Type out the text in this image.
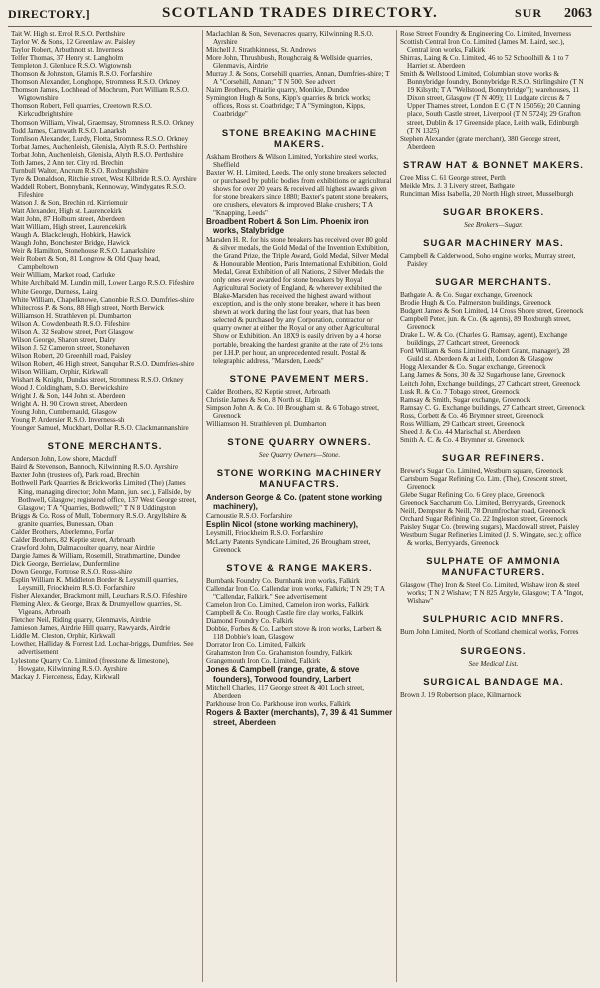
DIRECTORY.]	SCOTLAND TRADES DIRECTORY.	SUR 2063
Tait W. High st. Errol R.S.O. Perthshire
Taylor W. & Sons, 12 Greenlaw av. Paisley
Taylor Robert, Arbuthnott st. Inverness
Telfer Thomas, 37 Henry st. Langholm
Templeton J. Glenluce R.S.O. Wigtownsh
Thomson & Johnston, Glamis R.S.O. Forfarshire
Thomson Alexander, Longhope, Stromness R.S.O. Orkney
Thomson James, Lochhead of Mochrum, Port William R.S.O. Wigtownshire
Thomson Robert, Fell quarries, Creetown R.S.O. Kirkcudbrightshire
Thomson William, Viwal, Graemsay, Stromness R.S.O. Orkney
Todd James, Carnwath R.S.O. Lanarksh
Tomlison Alexander, Lurdy, Flotta, Stromness R.S.O. Orkney
Torbat James, Auchenleish, Glenisla, Alyth R.S.O. Perthshire
Torbat John, Auchenleish, Glenisla, Alyth R.S.O. Perthshire
Toth James, 2 Ann ter. City rd. Brechin
Turnbull Walter, Ancrum R.S.O. Roxburghshire
Tyre & Donaldson, Ritchie street, West Kilbride R.S.O. Ayrshire
Waddell Robert, Bonnybank, Kennoway, Windygates R.S.O. Fifeshire
Watson J. & Son, Brechin rd. Kirriemuir
Watt Alexander, High st. Laurencekirk
Watt John, 87 Holburn street, Aberdeen
Watt William, High street, Laurencekirk
Waugh A. Blackcleugh, Hobkirk, Hawick
Waugh John, Bonchester Bridge, Hawick
Weir & Hamilton, Stonehouse R.S.O. Lanarkshire
Weir Robert & Son, 81 Longrow & Old Quay head, Campbeltown
Weir William, Market road, Carluke
White Archibald M. Lundin mill, Lower Largo R.S.O. Fifeshire
White George, Durness, Lairg
White William, Chapelknowe, Canonbie R.S.O. Dumfries-shire
Whitecross P. & Sons, 88 High street, North Berwick
Williamson H. Strathleven pl. Dumbarton
Wilson A. Cowdenbeath R.S.O. Fifeshire
Wilson A. 32 Seabow street, Port Glasgow
Wilson George, Sharon street, Dalry
Wilson J. 52 Cameron street, Stonehaven
Wilson Robert, 20 Greenhill road, Paisley
Wilson Robert, 46 High street, Sanquhar R.S.O. Dumfries-shire
Wilson William, Orphir, Kirkwall
Wishart & Knight, Dundas street, Stromness R.S.O. Orkney
Wood J. Coldingham, S.O. Berwickshire
Wright J. & Son, 144 John st. Aberdeen
Wright A. H. 90 Crown street, Aberdeen
Young John, Cumbernauld, Glasgow
Young P. Ardersier R.S.O. Inverness-sh
Younger Samuel, Muckhart, Dollar R.S.O. Clackmannanshire
STONE MERCHANTS.
Anderson John, Low shore, Macduff
Baird & Stevenson, Bannoch, Kilwinning R.S.O. Ayrshire
Baxter John (trustees of), Park road, Brechin
Bothwell Park Quarries & Brickworks Limited (The) (James King, managing director; John Mann, jun. sec.), Fallside, by Bothwell, Glasgow; registered office, 137 West George street, Glasgow; T A "Quarries, Bothwell;" T N 8 Uddingston
Briggs & Co. Ross of Mull, Tobermory R.S.O. Argyllshire & granite quarries, Bunessan, Oban
Calder Brothers, Aberlemno, Forfar
Calder Brothers, 82 Keptie street, Arbroath
Crawford John, Dalmacoulter quarry, near Airdrie
Dargie James & William, Rosemill, Strathmartine, Dundee
Dick George, Berrielaw, Dunfermline
Down George, Fortrose R.S.O. Ross-shire
Esplin William K. Middleton Border & Leysmill quarries, Leysmill, Friockheim R.S.O. Forfarshire
Fisher Alexander, Brackmont mill, Leuchars R.S.O. Fifeshire
Fleming Alex. & George, Brax & Drumyellow quarries, St. Vigeans, Arbroath
Fletcher Neil, Riding quarry, Glenmavis, Airdrie
Jamieson James, Airdrie Hill quarry, Rawyards, Airdrie
Liddle M. Cleston, Orphir, Kirkwall
Lowther, Halliday & Forrest Ltd. Lochar-briggs, Dumfries. See advertisement
Lylestone Quarry Co. Limited (freestone & limestone), Howgate, Kilwinning R.S.O. Ayrshire
Mackay J. Fierceness, Eday, Kirkwall
Maclachlan & Son, Sevenacres quarry, Kilwinning R.S.O. Ayrshire
Mitchell J. Strathkinness, St. Andrews
More John, Thrushbush, Roughcraig & Wellside quarries, Glenmavis, Airdrie
Murray J. & Sons, Corsehill quarries, Annan, Dumfries-shire; T A "Corsehill, Annan;" T N 500. See advert
Nairn Brothers, Pitairlie quarry, Monikie, Dundee
Symington Hugh & Sons, Kipp's quarries & brick works; offices, Ross st. Coatbridge; T A "Symington, Kipps, Coatbridge"
STONE BREAKING MACHINE MAKERS.
Askham Brothers & Wilson Limited, Yorkshire steel works, Sheffield
Baxter W. H. Limited, Leeds. The only stone breakers selected or purchased by public bodies from exhibitions or agricultural shows for over 20 years & received all highest awards given for stone breakers since 1880; Baxter's patent stone breakers, ore crushers, elevators & improved Blake crushers; T A "Knapping, Leeds"
Broadbent Robert & Son Lim. Phoenix iron works, Stalybridge
Marsden H. R. for his stone breakers has received over 80 gold & silver medals, the Gold Medal of the Invention Exhibition, the Grand Prize, the Triple Award, Gold Medal, Silver Medal & Honourable Mention, Paris International Exhibition, Gold Medal, Great Exhibition of all Nations, 2 Silver Medals the only ones ever awarded for stone breakers by Royal Agricultural Society of England, & wherever exhibited the Blake-Marsden has received the highest award without exception, and is the only stone breaker, where it has been shewn at work during the last four years, that has been selected & purchased by any Corporation, contractor or quarry owner at either the Royal or any other Agricultural Show or Exhibition. An 18X9 is easily driven by a 4 horse portable, breaking the hardest granite at the rate of 2½ tons per I.H.P. per hour, an unprecedented result. Postal & telegraphic address, "Marsden, Leeds"
STONE PAVEMENT MERS.
Calder Brothers, 82 Keptie street, Arbroath
Christie James & Son, 8 North st. Elgin
Simpson John A. & Co. 10 Brougham st. & 6 Tobago street, Greenock
Williamson H. Strathleven pl. Dumbarton
STONE QUARRY OWNERS.
See Quarry Owners—Stone.
STONE WORKING MACHINERY MANUFACTRS.
Anderson George & Co. (patent stone working machinery),
Carnoustie R.S.O. Forfarshire
Esplin Nicol (stone working machinery),
Leysmill, Friockheim R.S.O. Forfarshire
McLarty Patents Syndicate Limited, 26 Brougham street, Greenock
STOVE & RANGE MAKERS.
Burnbank Foundry Co. Burnbank iron works, Falkirk
Callendar Iron Co. Callendar iron works, Falkirk; T N 29; T A "Callendar, Falkirk." See advertisement
Camelon Iron Co. Limited, Camelon iron works, Falkirk
Campbell & Co. Rough Castle fire clay works, Falkirk
Diamond Foundry Co. Falkirk
Dobbie, Forbes & Co. Larbert stove & iron works, Larbert & 118 Dobbie's loan, Glasgow
Dorrator Iron Co. Limited, Falkirk
Grahamston Iron Co. Grahamston foundry, Falkirk
Grangemouth Iron Co. Limited, Falkirk
Jones & Campbell (range, grate, & stove founders), Torwood foundry, Larbert
Mitchell Charles, 117 George street & 401 Loch street, Aberdeen
Parkhouse Iron Co. Parkhouse iron works, Falkirk
Rogers & Baxter (merchants), 7, 39 & 41 Summer street, Aberdeen
Rose Street Foundry & Engineering Co. Limited, Inverness
Scottish Central Iron Co. Limited (James M. Laird, sec.), Central iron works, Falkirk
Shirras, Laing & Co. Limited, 46 to 52 Schoolhill & 1 to 7 Harriet st. Aberdeen
Smith & Wellstood Limited, Columbian stove works & Bonnybridge foundry, Bonnybridge R.S.O. Stirlingshire (T N 19 Kilsyth; T A "Wellstood, Bonnybridge"); warehouses, 11 Dixon street, Glasgow (T N 409); 11 Ludgate circus & 7 Upper Thames street, London E C (T N 15056); 20 Canning place, South Castle street, Liverpool (T N 5724); 29 Grafton street, Dublin & 17 Greenside place, Leith walk, Edinburgh (T N 1325)
Stephen Alexander (grate merchant), 380 George street, Aberdeen
STRAW HAT & BONNET MAKERS.
Cree Miss C. 61 George street, Perth
Meikle Mrs. J. 3 Livery street, Bathgate
Runciman Miss Isabella, 20 North High street, Musselburgh
SUGAR BROKERS.
See Brokers—Sugar.
SUGAR MACHINERY MAS.
Campbell & Calderwood, Soho engine works, Murray street, Paisley
SUGAR MERCHANTS.
Bathgate A. & Co. Sugar exchange, Greenock
Brodie Hugh & Co. Palmerston buildings, Greenock
Budgett James & Son Limited, 14 Cross Shore street, Greenock
Campbell Peter, jun. & Co. (& agents), 89 Roxburgh street, Greenock
Drake L. W. & Co. (Charles G. Ramsay, agent), Exchange buildings, 27 Cathcart street, Greenock
Ford William & Sons Limited (Robert Grant, manager), 28 Guild st. Aberdeen & at Leith, London & Glasgow
Hogg Alexander & Co. Sugar exchange, Greenock
Lang James & Sons, 30 & 32 Sugarhouse lane, Greenock
Leitch John, Exchange buildings, 27 Cathcart street, Greenock
Lusk R. & Co. 7 Tobago street, Greenock
Ramsay & Smith, Sugar exchange, Greenock
Ramsay C. G. Exchange buildings, 27 Cathcart street, Greenock
Ross, Corbett & Co. 46 Brymner street, Greenock
Ross William, 29 Cathcart street, Greenock
Sheed J. & Co. 44 Marischal st. Aberdeen
Smith A. C. & Co. 4 Brymner st. Greenock
SUGAR REFINERS.
Brewer's Sugar Co. Limited, Westburn square, Greenock
Cartsburn Sugar Refining Co. Lim. (The), Crescent street, Greenock
Glebe Sugar Refining Co. 6 Grey place, Greenock
Greenock Saccharum Co. Limited, Berryyards, Greenock
Neill, Dempster & Neill, 78 Drumfrochar road, Greenock
Orchard Sugar Refining Co. 22 Ingleston street, Greenock
Paisley Sugar Co. (brewing sugars), Macdowall street, Paisley
Westburn Sugar Refineries Limited (J. S. Wingate, sec.); office & works, Berryyards, Greenock
SULPHATE OF AMMONIA MANUFACTURERS.
Glasgow (The) Iron & Steel Co. Limited, Wishaw iron & steel works; T N 2 Wishaw; T N 825 Argyle, Glasgow; T A "Ingot, Wishaw"
SULPHURIC ACID MNFRS.
Burn John Limited, North of Scotland chemical works, Forres
SURGEONS.
See Medical List.
SURGICAL BANDAGE MA.
Brown J. 19 Robertson place, Kilmarnock
